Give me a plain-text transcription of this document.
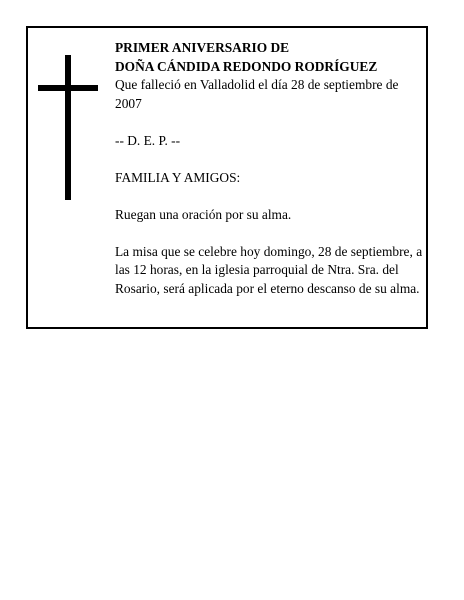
PRIMER ANIVERSARIO DE

DOÑA CÁNDIDA REDONDO RODRÍGUEZ

Que falleció en Valladolid el día 28 de septiembre de 2007

-- D. E. P. --

FAMILIA Y AMIGOS:

Ruegan una oración por su alma.

La misa que se celebre hoy domingo, 28 de septiembre, a las 12 horas, en la iglesia parroquial de Ntra. Sra. del Rosario, será aplicada por el eterno descanso de su alma.
